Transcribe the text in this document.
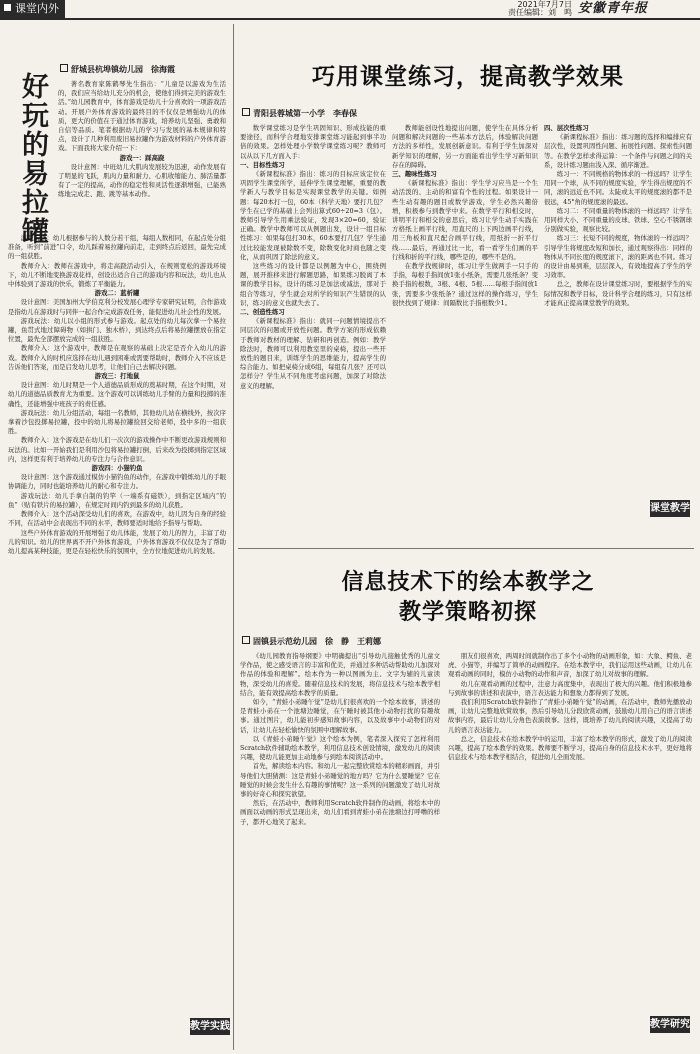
课堂内外	2021年7月7日
责任编辑：刘　鸣 安徽青年报
舒城县杭埠镇幼儿园　徐海霞
好玩的易拉罐	著名教育家陈鹤琴先生指出：“儿童是以游戏为生活的，我们应当给幼儿充分的机会，使他们得到完美的游戏生活。”幼儿园教育中，体育游戏是幼儿十分喜欢的一项游戏活动。开展户外体育游戏的最终目的不仅仅是增强幼儿的体质，更大的价值在于通过体育游戏，培养幼儿坚强、勇敢和自信等品质。笔者根据幼儿的学习与发展的基本规律和特点，设计了几种利用废旧易拉罐作为游戏材料的户外体育游戏。下面我将大家介绍一下：

游戏一：踩高跷

设计意图：中班幼儿大肌肉发展较为迅速，动作发展有了明显的飞跃，肌肉力量和耐力、心肌收缩能力、肺活量都有了一定的提高，动作的稳定性和灵活性逐渐增强，已能熟练地完成走、跑、跳等基本动作。

游戏玩法：幼儿根据参与的人数分若干组，每组人数相同，在起点处分组准备，听到“前进”口令，幼儿踩着易拉罐向前走，走到终点后返回，最先完成的一组获胜。

教师介入：教师在游戏中，将走高跷活动引入，在规则宽松的游戏环境下，幼儿不断地变换游戏花样，创设出适合自己的游戏内容和玩法，幼儿也从中体验到了游戏的快乐，锻炼了平衡能力。

游戏二：蓝析罐

设计意图：美国加州大学伯克利分校发展心理学专家研究证明，合作游戏是指幼儿在游戏时与同伴一起合作完成游戏任务，能促进幼儿社会性的发展。

游戏玩法：幼儿以小组的形式参与游戏。起点处的幼儿每次拿一个易拉罐，鱼贯式地过障碍物（如拱门、独木桥），到达终点后将易拉罐摆放在指定位置，最先全部摆放完成的一组获胜。

教师介入：这个游戏中，教师是在观察的基础上决定是否介入幼儿的游戏。教师介入的时机应选择在幼儿遇到困难或需要帮助时，教师介入不应该是告诉他们答案，而是启发幼儿思考，让他们自己去解决问题。

游戏三：打地鼠

设计意图：幼儿时期是一个人道德品质形成的奠基时期，在这个时期，对幼儿的道德品质教育尤为重要。这个游戏可以训练幼儿手臂的力量和投掷的准确性，还能增强中班孩子的责任感。

游戏玩法：幼儿分组活动，每组一名教师，其他幼儿站在横线外，按次序拿着沙包投掷易拉罐，投中的幼儿将易拉罐捡回交给老师，投中多的一组获胜。

教师介入：这个游戏是在幼儿们一次次的游戏操作中不断更改游戏规则和玩法的。比如一开始我们是利用沙包将易拉罐打倒，后来改为投掷到指定区域内，这样更有利于培养幼儿的专注力与合作意识。

游戏四：小猫钓鱼

设计意图：这个游戏通过模仿小猫钓鱼的动作，在游戏中锻炼幼儿的手眼协调能力，同时也能培养幼儿的耐心和专注力。

游戏玩法：幼儿手拿自制的钓竿（一端系有磁铁），到指定区域内“钓鱼”（贴有铁片的易拉罐），在规定时间内钓到最多的幼儿获胜。

教师介入：这个活动深受幼儿们的喜欢，在游戏中，幼儿因为自身的经验不同，在活动中会表现出不同的水平，教师要适时地给予指导与帮助。

这些户外体育游戏的开展增强了幼儿体能，发展了幼儿的智力，丰富了幼儿的知识。幼儿的世界离不开户外体育游戏，户外体育游戏不仅仅是为了帮助幼儿提高某种技能，更是在轻松快乐的氛围中，全方位地促进幼儿的发展。

教学实践
巧用课堂练习，提高教学效果
青阳县蓉城第一小学　李春保

数学课堂练习是学生巩固知识、形成技能的重要途径，而科学合理地安排课堂练习能起到事半功倍的效果。怎样处理小学数学课堂练习呢？教师可以从以下几方面入手：

一、目标性练习

《新课程标准》指出：练习的目标应该定位在巩固学生课堂所学，延伸学生课堂理解，重要的教学新人与教学目标是实现课堂教学的关键。如例题：每20本打一包，60本（科学天地）要打几包？学生在已学的基础上会列出算式60÷20=3（包）。教师引导学生用乘法验证，发现3×20=60，验证正确。教学中教师可以从例题出发，设计一组目标性练习：如果每包打30本，60本要打几包？学生通过比较能发现被除数不变，除数变化时商也随之变化，从而巩固了除法的意义。

这些练习的设计都是以例题为中心，围绕例题，展开推移来进行解题思路，如果练习脱离了本课的教学目标，设计的练习是加法或减法，那对于组合等练习，学生就会对所学的知识产生错误的认识，练习的意义也就失去了。

二、创造性练习

《新课程标准》指出：就同一问题情境提出不同层次的问题或开放性问题。教学方案的形成依赖于教师对教材的理解、钻研和再创造。例如：教学除法时，教师可以利用教室里的桌椅，提出一些开放性的题目来，训练学生的思维能力，提高学生的综合能力。如把桌椅分成6组，每组有几张？还可以怎样分？学生从不同角度考虑问题，加深了对除法意义的理解。

教师能创设性地提出问题，使学生在具体分析问题和解决问题的一些基本方法后，体验解决问题方法的多样性，发展创新意识。有利于学生加深对新学知识的理解，另一方面能看出学生学习新知识存在的障碍。

三、趣味性练习

《新课程标准》指出：学生学习应当是一个生动活泼的、主动的和富有个性的过程。如果设计一些生动有趣的题目或数学游戏，学生必然兴趣倍增，积极参与到教学中来。在数学平行和相交时，讲明平行和相交的意思后，练习让学生动手实践在方格纸上画平行线，用直尺的上下两边画平行线，用三角板和直尺配合画平行线，用纸折一折平行线……最后，再通过比一比，看一看学生们画的平行线和折的平行线，哪些是的，哪些不是的。

在教学找规律时，练习让学生做两手一只手的手指，每根手指间放1张小纸条，需要几张纸条？变换手指的根数，3根、4根、5根……每根手指间放1张，需要多少张纸条？通过这样的操作练习，学生很快找到了规律：间隔数比手指根数少1。

四、层次性练习

《新课程标准》指出：练习题的选择和编排应有层次性，设置巩固性问题、拓展性问题、探索性问题等。在教学怎样求得运算：一个条件与问题之间的关系，设计练习题由浅入深、循序渐进。

练习一：不同规格的物体求的一样远吗？让学生用同一个球，从不同的规度实验，学生得出规度的不同，滚的远近也不同。太陡或太平的规度滚的都不是很远，45°角的规度滚的最远。

练习二：不同重量的物体滚的一样远吗？让学生用同样大小、不同重量的皮球、铁球、空心不锈钢球分别做实验，观察比较。

练习三：长短不同的规度，物体滚的一样远吗？引导学生将规度改短和加长，通过观察得出：同样的物体从不同长度的规度滚下，滚的距离也不同。练习的设计由易到难，层层深入，有效地提高了学生的学习效率。

总之，教师在设计课堂练习时，要根据学生的实际情况和教学目标，设计科学合理的练习，只有这样才能真正提高课堂教学的效果。

课堂教学
信息技术下的绘本教学之
教学策略初探
固镇县示范幼儿园　徐　静　王莉娜

《幼儿园教育指导纲要》中明确提出“引导幼儿接触优秀的儿童文学作品，使之感受语言的丰富和优美，并通过多种活动帮助幼儿加深对作品的体验和理解”。绘本作为一种以图画为主、文字为辅的儿童读物，深受幼儿的喜爱。随着信息技术的发展，将信息技术与绘本教学相结合，能有效提高绘本教学的质量。

如今，“青蛙小弟睡午觉”是幼儿们很喜欢的一个绘本故事，讲述的是青蛙小弟在一个池塘边睡觉，在午睡时被其他小动物打扰的有趣故事。通过图片，幼儿能初步感知故事内容，以及故事中小动物们的对话，让幼儿在轻松愉快的氛围中理解故事。

以《青蛙小弟睡午觉》这个绘本为例，笔者深入探究了怎样利用Scratch软件辅助绘本教学，利用信息技术创设情境，激发幼儿的阅读兴趣，使幼儿能更加主动地参与到绘本阅读活动中。

首先，解读绘本内容。和幼儿一起完整欣赏绘本的精彩画面，并引导他们大胆猜测：这是青蛙小弟睡觉的地方吗？它为什么要睡觉？它在睡觉的时候会发生什么有趣的事情呢？这一系列的问题激发了幼儿对故事的好奇心和探究欲望。

然后，在活动中，教师利用Scratch软件制作的动画，将绘本中的画面以动画的形式呈现出来，幼儿们看到青蛙小弟在池塘边打呼噜的样子，都开心地笑了起来。

朋友们很喜欢，两周时间就制作出了多个小动物的动画形象，如：大象、鳄鱼、老虎、小猫等，并编写了简单的动画程序。在绘本教学中，我们运用这些动画，让幼儿在观看动画的同时，模仿小动物的动作和声音，加深了幼儿对故事的理解。

幼儿在观看动画的过程中，注意力高度集中，表现出了极大的兴趣。他们积极地参与到故事的讲述和表演中，语言表达能力和想象力都得到了发展。

我们利用Scratch软件制作了“青蛙小弟睡午觉”的动画，在活动中，教师先播放动画，让幼儿完整地欣赏故事，然后引导幼儿分段欣赏动画，鼓励幼儿用自己的语言讲述故事内容，最后让幼儿分角色表演故事。这样，既培养了幼儿的阅读兴趣，又提高了幼儿的语言表达能力。

总之，信息技术在绘本教学中的运用，丰富了绘本教学的形式，激发了幼儿的阅读兴趣，提高了绘本教学的效果。教师要不断学习，提高自身的信息技术水平，更好地将信息技术与绘本教学相结合，促进幼儿全面发展。

教学研究
